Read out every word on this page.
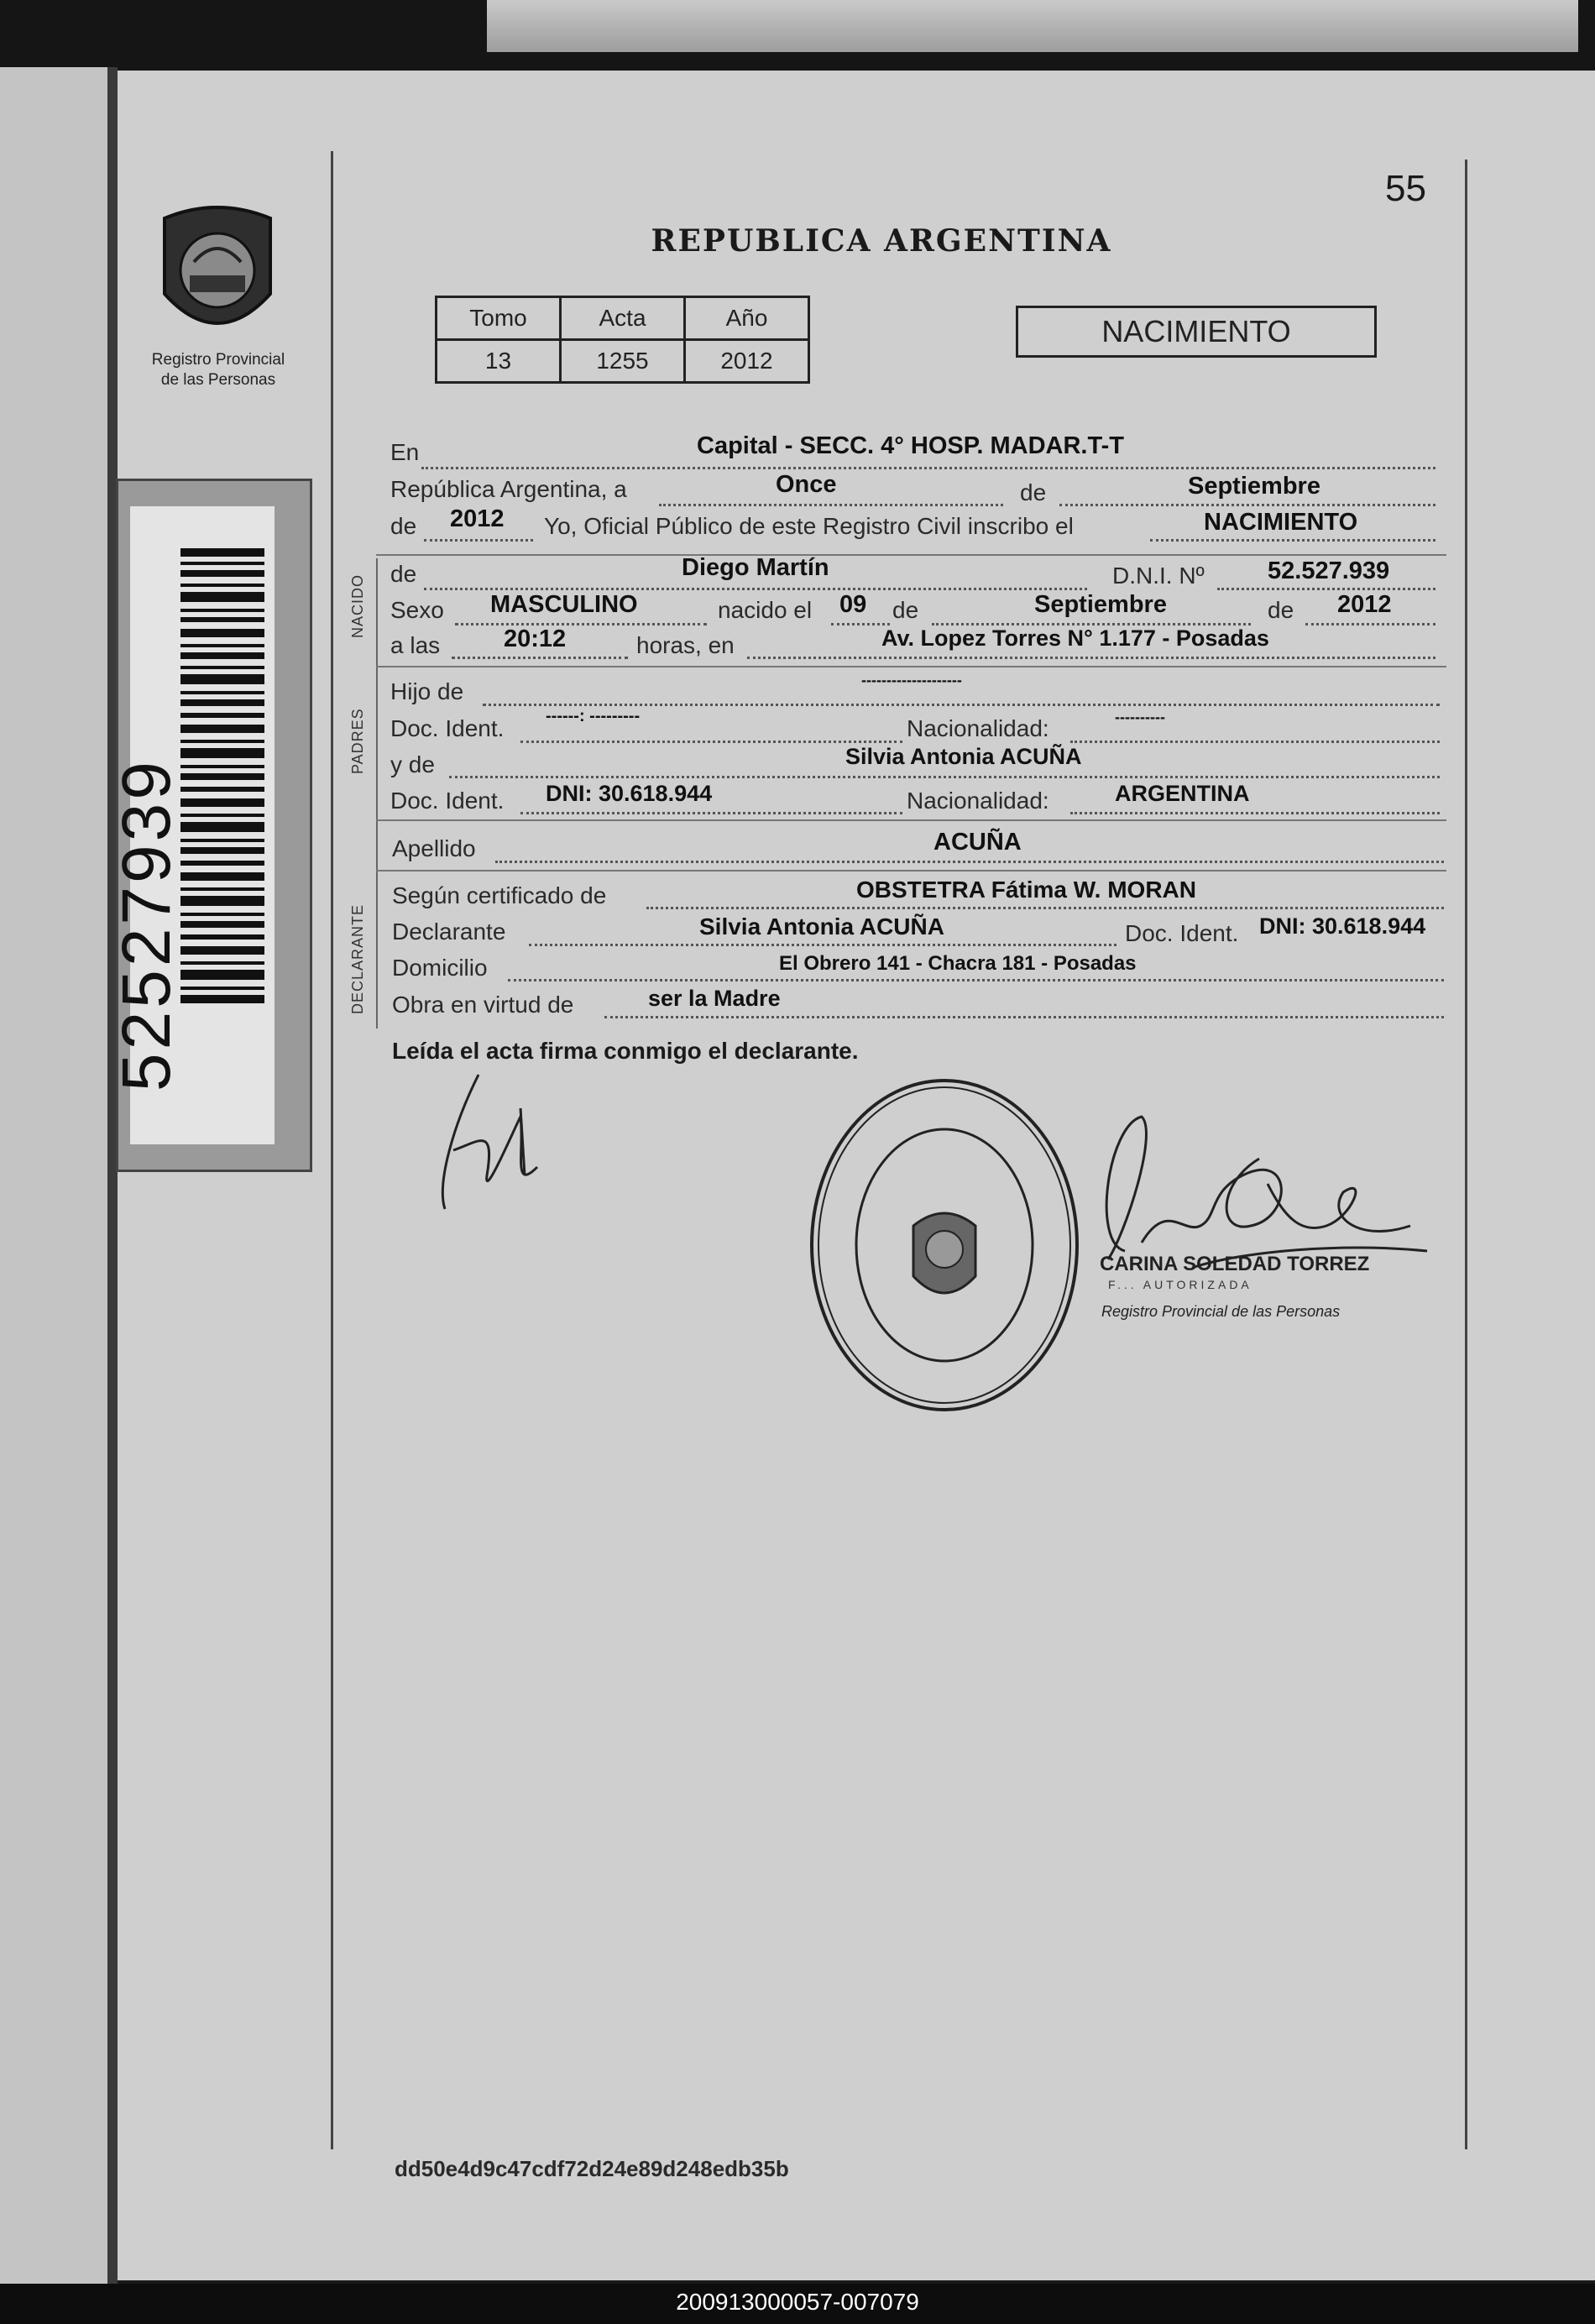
55
Registro Provincial
de las Personas
52527939
REPUBLICA ARGENTINA
Tomo	Acta	Año
13	1255	2012
NACIMIENTO
En	Capital - SECC. 4° HOSP. MADAR.T-T
República Argentina, a	Once	de	Septiembre
de 2012 Yo, Oficial Público de este Registro Civil inscribo el	NACIMIENTO
NACIDO
de	Diego Martín	D.N.I. Nº	52.527.939
Sexo MASCULINO	nacido el 09 de	Septiembre	de 2012
a las	20:12	horas, en	Av. Lopez Torres N° 1.177 - Posadas
PADRES
Hijo de	--------------------
Doc. Ident. ------: ---------	Nacionalidad:	----------
y de	Silvia Antonia ACUÑA
Doc. Ident. DNI: 30.618.944	Nacionalidad:	ARGENTINA
Apellido	ACUÑA
DECLARANTE
Según certificado de	OBSTETRA Fátima W. MORAN
Declarante	Silvia Antonia ACUÑA	Doc. Ident. DNI: 30.618.944
Domicilio	El Obrero 141 - Chacra 181 - Posadas
Obra en virtud de	ser la Madre
Leída el acta firma conmigo el declarante.
CARINA SOLEDAD TORREZ
F... AUTORIZADA
Registro Provincial de las Personas
dd50e4d9c47cdf72d24e89d248edb35b
200913000057-007079
